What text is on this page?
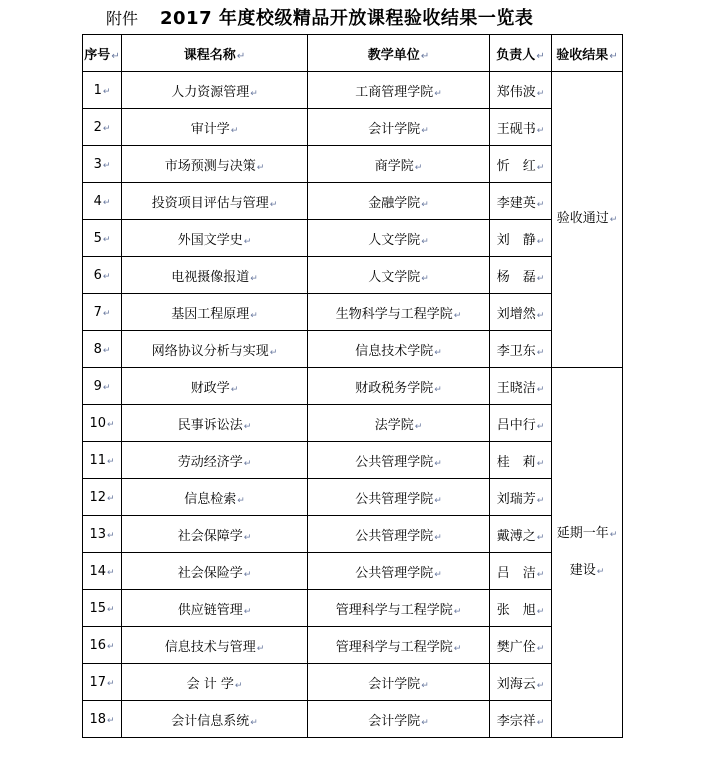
附件 2017 年度校级精品开放课程验收结果一览表
序号↵	课程名称↵	教学单位↵	负责人↵	验收结果↵
1↵	人力资源管理↵	工商管理学院↵	郑伟波↵	验收通过↵
2↵	审计学↵	会计学院↵	王砚书↵	
3↵	市场预测与决策↵	商学院↵	忻　红↵	
4↵	投资项目评估与管理↵	金融学院↵	李建英↵	
5↵	外国文学史↵	人文学院↵	刘　静↵	
6↵	电视摄像报道↵	人文学院↵	杨　磊↵	
7↵	基因工程原理↵	生物科学与工程学院↵	刘增然↵	
8↵	网络协议分析与实现↵	信息技术学院↵	李卫东↵	
9↵	财政学↵	财政税务学院↵	王晓洁↵	延期一年↵
建设↵

10↵	民事诉讼法↵	法学院↵	吕中行↵	
11↵	劳动经济学↵	公共管理学院↵	桂　莉↵	
12↵	信息检索↵	公共管理学院↵	刘瑞芳↵	
13↵	社会保障学↵	公共管理学院↵	戴溥之↵	
14↵	社会保险学↵	公共管理学院↵	吕　洁↵	
15↵	供应链管理↵	管理科学与工程学院↵	张　旭↵	
16↵	信息技术与管理↵	管理科学与工程学院↵	樊广佺↵	
17↵	会 计 学↵	会计学院↵	刘海云↵	
18↵	会计信息系统↵	会计学院↵	李宗祥↵	
